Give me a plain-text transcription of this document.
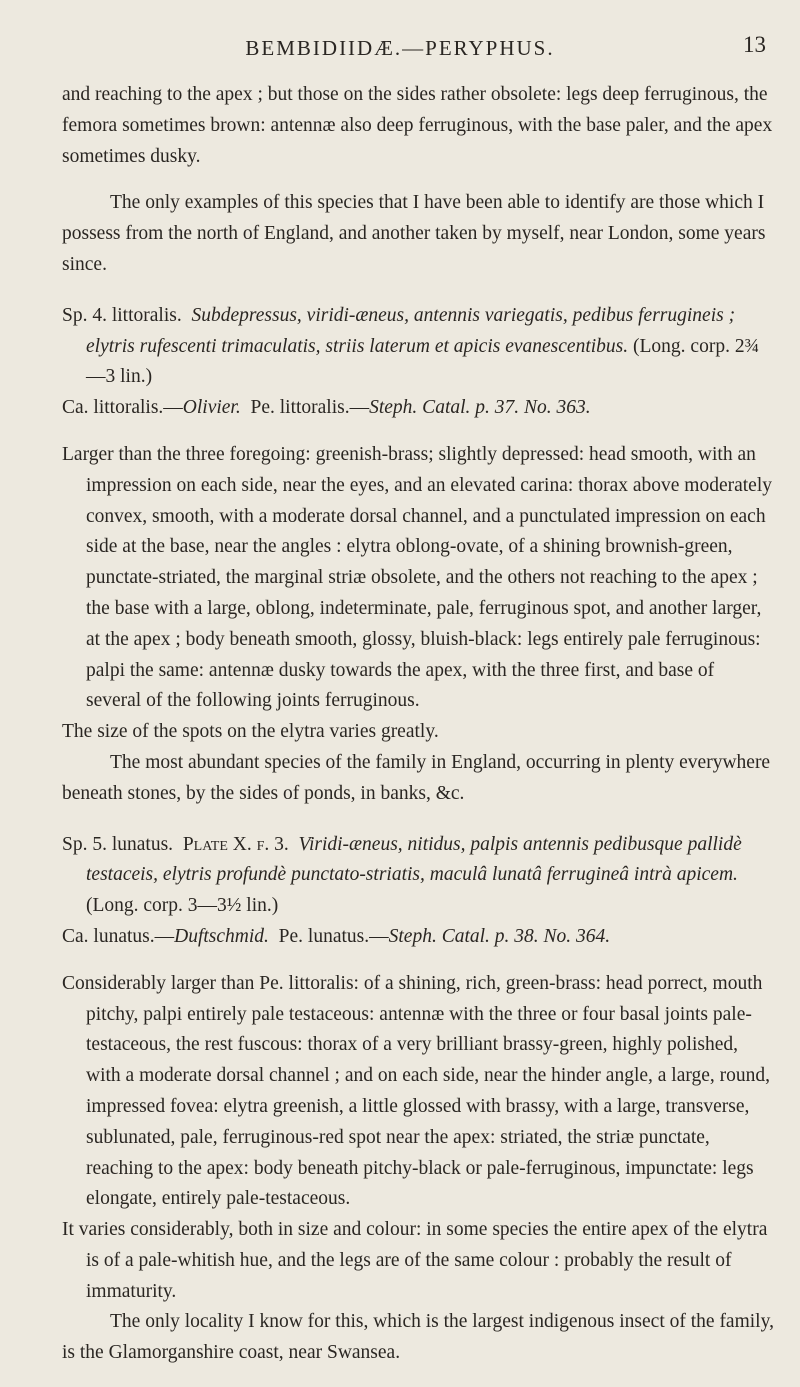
BEMBIDIIDÆ.—PERYPHUS.	13

and reaching to the apex ; but those on the sides rather obsolete: legs deep ferruginous, the femora sometimes brown: antennæ also deep ferruginous, with the base paler, and the apex sometimes dusky.

The only examples of this species that I have been able to identify are those which I possess from the north of England, and another taken by myself, near London, some years since.

Sp. 4. littoralis. Subdepressus, viridi-æneus, antennis variegatis, pedibus ferrugineis ; elytris rufescenti trimaculatis, striis laterum et apicis evanescentibus. (Long. corp. 2¾—3 lin.)

Ca. littoralis.—Olivier. Pe. littoralis.—Steph. Catal. p. 37. No. 363.

Larger than the three foregoing: greenish-brass; slightly depressed: head smooth, with an impression on each side, near the eyes, and an elevated carina: thorax above moderately convex, smooth, with a moderate dorsal channel, and a punctulated impression on each side at the base, near the angles : elytra oblong-ovate, of a shining brownish-green, punctate-striated, the marginal striæ obsolete, and the others not reaching to the apex ; the base with a large, oblong, indeterminate, pale, ferruginous spot, and another larger, at the apex ; body beneath smooth, glossy, bluish-black: legs entirely pale ferruginous: palpi the same: antennæ dusky towards the apex, with the three first, and base of several of the following joints ferruginous.

The size of the spots on the elytra varies greatly.

The most abundant species of the family in England, occurring in plenty everywhere beneath stones, by the sides of ponds, in banks, &c.

Sp. 5. lunatus. Plate X. f. 3. Viridi-æneus, nitidus, palpis antennis pedibusque pallidè testaceis, elytris profundè punctato-striatis, maculâ lunatâ ferrugineâ intrà apicem. (Long. corp. 3—3½ lin.)

Ca. lunatus.—Duftschmid. Pe. lunatus.—Steph. Catal. p. 38. No. 364.

Considerably larger than Pe. littoralis: of a shining, rich, green-brass: head porrect, mouth pitchy, palpi entirely pale testaceous: antennæ with the three or four basal joints pale-testaceous, the rest fuscous: thorax of a very brilliant brassy-green, highly polished, with a moderate dorsal channel ; and on each side, near the hinder angle, a large, round, impressed fovea: elytra greenish, a little glossed with brassy, with a large, transverse, sublunated, pale, ferruginous-red spot near the apex: striated, the striæ punctate, reaching to the apex: body beneath pitchy-black or pale-ferruginous, impunctate: legs elongate, entirely pale-testaceous.

It varies considerably, both in size and colour: in some species the entire apex of the elytra is of a pale-whitish hue, and the legs are of the same colour : probably the result of immaturity.

The only locality I know for this, which is the largest indigenous insect of the family, is the Glamorganshire coast, near Swansea.
